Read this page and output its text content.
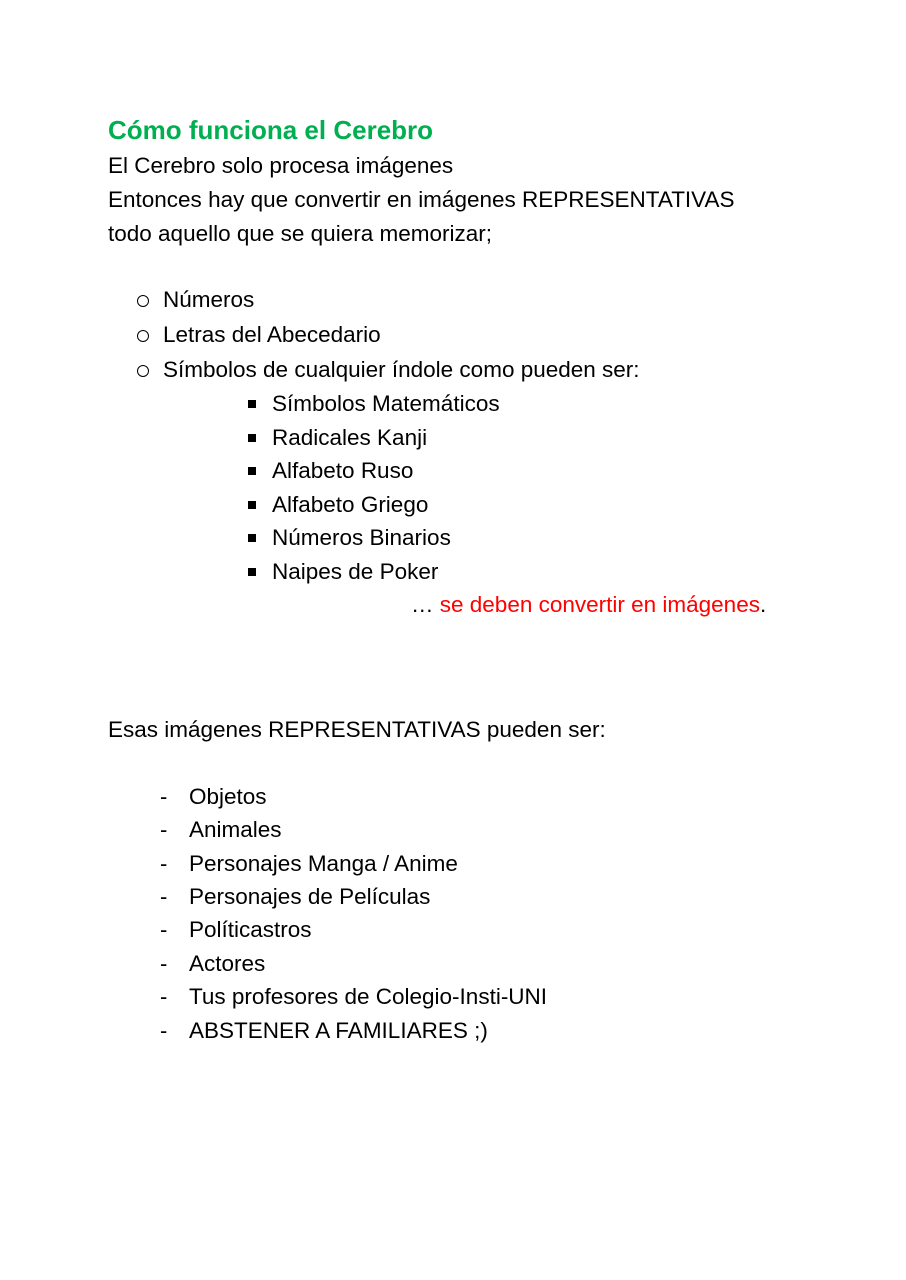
Cómo funciona el Cerebro
El Cerebro solo procesa imágenes
Entonces hay que convertir en imágenes REPRESENTATIVAS
todo aquello que se quiera memorizar;
Números
Letras del Abecedario
Símbolos de cualquier índole como pueden ser:
Símbolos Matemáticos
Radicales Kanji
Alfabeto Ruso
Alfabeto Griego
Números Binarios
Naipes de Poker
… se deben convertir en imágenes.
Esas imágenes REPRESENTATIVAS pueden ser:
- Objetos
- Animales
- Personajes Manga / Anime
- Personajes de Películas
- Políticastros
- Actores
- Tus profesores de Colegio-Insti-UNI
- ABSTENER A FAMILIARES ;)
